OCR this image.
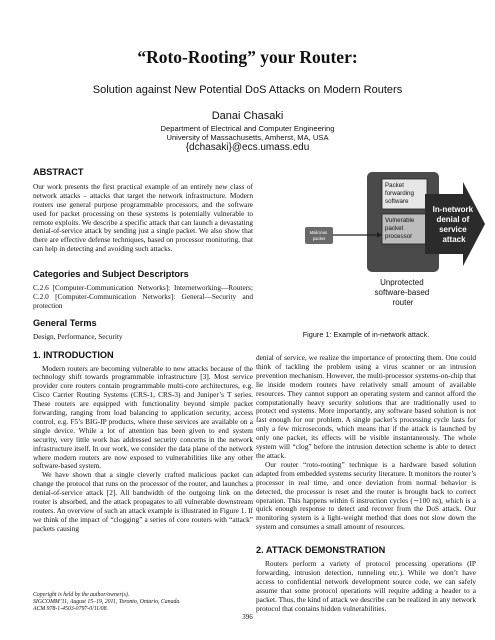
“Roto-Rooting” your Router:
Solution against New Potential DoS Attacks on Modern Routers
Danai Chasaki
Department of Electrical and Computer Engineering
University of Massachusetts, Amherst, MA, USA
{dchasaki}@ecs.umass.edu
ABSTRACT

Our work presents the first practical example of an entirely new class of network attacks – attacks that target the network infrastructure. Modern routers use general purpose programmable processors, and the software used for packet processing on these systems is potentially vulnerable to remote exploits. We describe a specific attack that can launch a devastating denial-of-service attack by sending just a single packet. We also show that there are effective defense techniques, based on processor monitoring, that can help in detecting and avoiding such attacks.

Categories and Subject Descriptors

C.2.6 [Computer-Communication Networks]: Internetworking—Routers; C.2.0 [Computer-Communication Networks]: General—Security and protection

General Terms

Design, Performance, Security

1. INTRODUCTION

Modern routers are becoming vulnerable to new attacks because of the technology shift towards programmable infrastructure [3]. Most service provider core routers contain programmable multi-core architectures, e.g. Cisco Carrier Routing Systems (CRS-1, CRS-3) and Juniper’s T series. These routers are equipped with functionality beyond simple packet forwarding, ranging from load balancing to application security, access control, e.g. F5’s BIG-IP products, where these services are available on a single device. While a lot of attention has been given to end system security, very little work has addressed security concerns in the network infrastructure itself. In our work, we consider the data plane of the network where modern routers are now exposed to vulnerabilities like any other software-based system.

We have shown that a single cleverly crafted malicious packet can change the protocol that runs on the processor of the router, and launches a denial-of-service attack [2]. All bandwidth of the outgoing link on the router is absorbed, and the attack propagates to all vulnerable downstream routers. An overview of such an attack example is illustrated in Figure 1. If we think of the impact of “clogging” a series of core routers with “attack” packets causing

Copyright is held by the author/owner(s).
SIGCOMM’11, August 15–19, 2011, Toronto, Ontario, Canada.
ACM 978-1-4503-0797-0/11/08.
Packet forwarding software
Vulnerable packet processor
Malicious packet
In-network denial of service attack
Unprotected software-based router
Figure 1: Example of in-network attack.

denial of service, we realize the importance of protecting them. One could think of tackling the problem using a virus scanner or an intrusion prevention mechanism. However, the multi-processor systems-on-chip that lie inside modern routers have relatively small amount of available resources. They cannot support an operating system and cannot afford the computationally heavy security solutions that are traditionally used to protect end systems. More importantly, any software based solution is not fast enough for our problem. A single packet’s processing cycle lasts for only a few microseconds, which means that if the attack is launched by only one packet, its effects will be visible instantaneously. The whole system will “clog” before the intrusion detection scheme is able to detect the attack.

Our router “roto-rooting” technique is a hardware based solution adapted from embedded systems security literature. It monitors the router’s processor in real time, and once deviation from normal behavior is detected, the processor is reset and the router is brought back to correct operation. This happens within 6 instruction cycles (∼100 ns), which is a quick enough response to detect and recover from the DoS attack. Our monitoring system is a light-weight method that does not slow down the system and consumes a small amount of resources.

2. ATTACK DEMONSTRATION

Routers perform a variety of protocol processing operations (IP forwarding, intrusion detection, tunneling etc.). While we don’t have access to confidential network development source code, we can safely assume that some protocol operations will require adding a header to a packet. Thus, the kind of attack we describe can be realized in any network protocol that contains hidden vulnerabilities.

396
